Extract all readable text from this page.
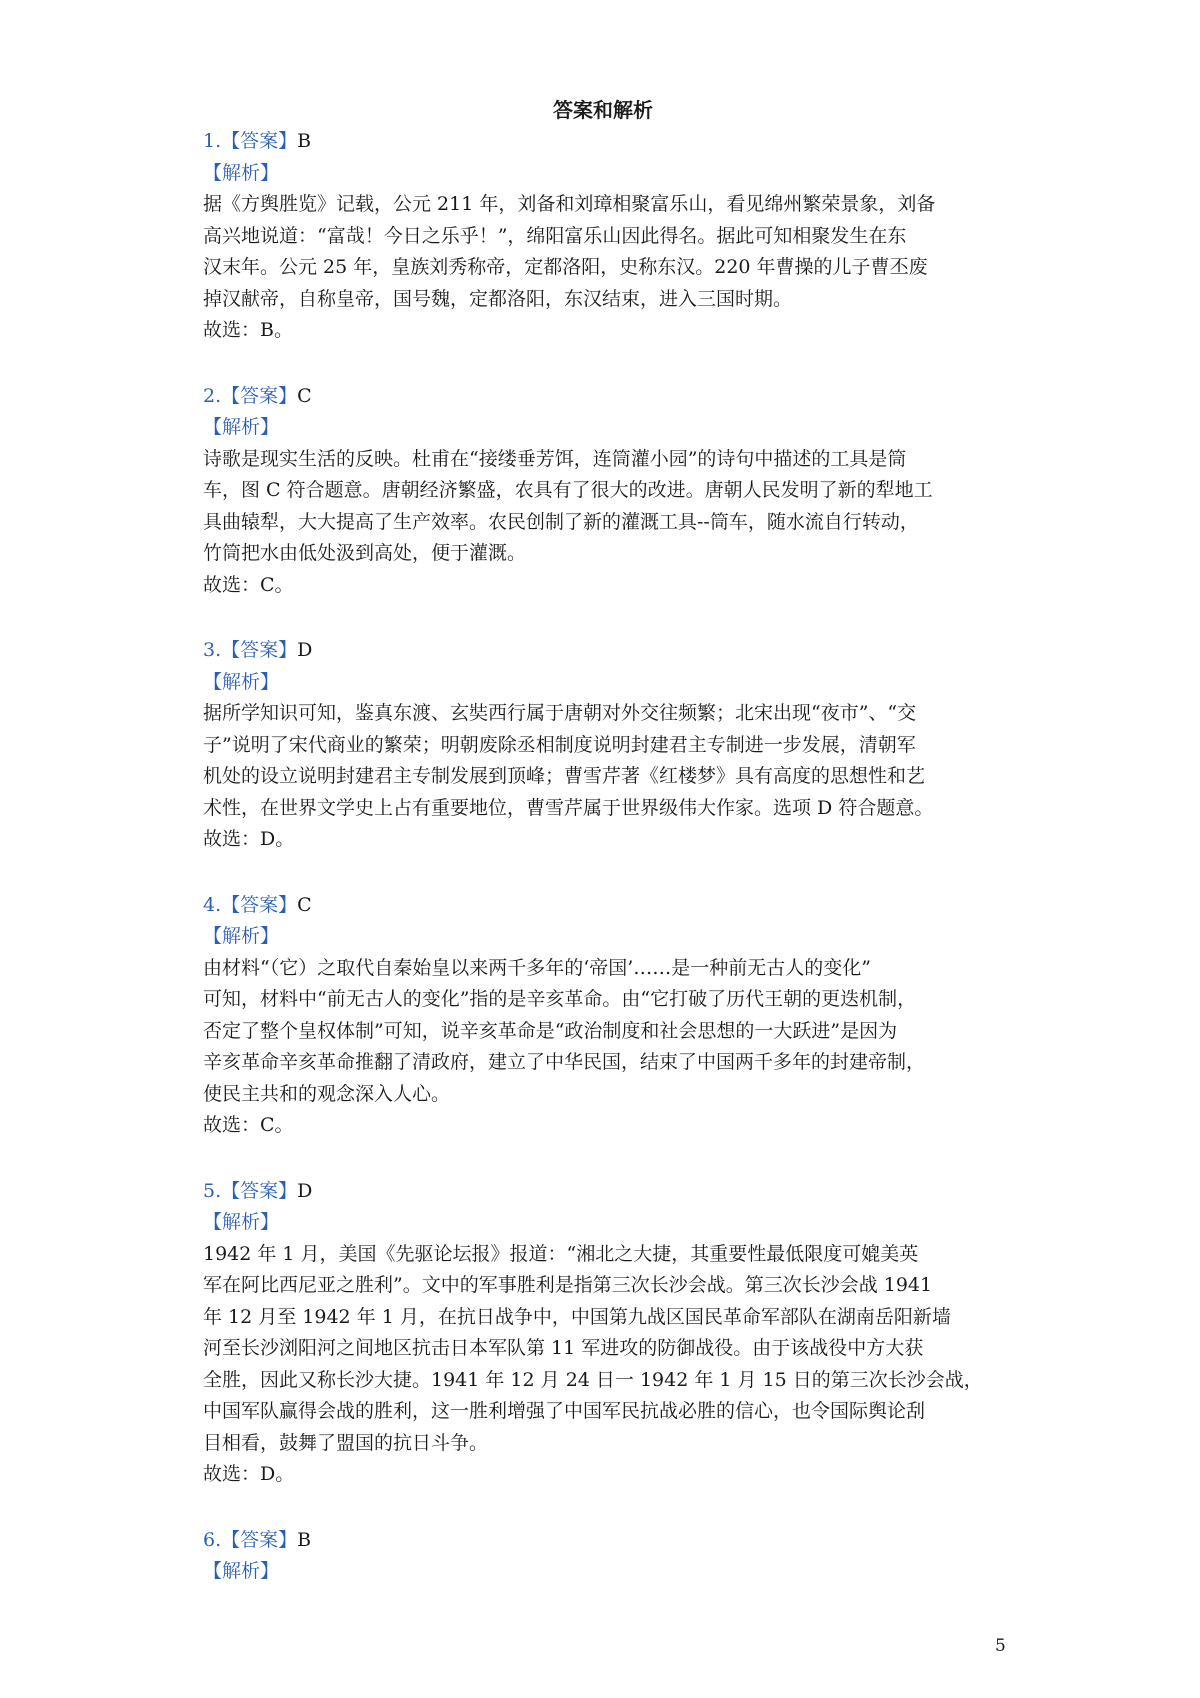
答案和解析
1.【答案】B
【解析】
据《方舆胜览》记载，公元 211 年，刘备和刘璋相聚富乐山，看见绵州繁荣景象，刘备
高兴地说道：“富哉！今日之乐乎！”，绵阳富乐山因此得名。据此可知相聚发生在东
汉末年。公元 25 年，皇族刘秀称帝，定都洛阳，史称东汉。220 年曹操的儿子曹丕废
掉汉献帝，自称皇帝，国号魏，定都洛阳，东汉结束，进入三国时期。
故选：B。
2.【答案】C
【解析】
诗歌是现实生活的反映。杜甫在“接缕垂芳饵，连筒灌小园”的诗句中描述的工具是筒
车，图 C 符合题意。唐朝经济繁盛，农具有了很大的改进。唐朝人民发明了新的犁地工
具曲辕犁，大大提高了生产效率。农民创制了新的灌溉工具--筒车，随水流自行转动，
竹筒把水由低处汲到高处，便于灌溉。
故选：C。
3.【答案】D
【解析】
据所学知识可知，鉴真东渡、玄奘西行属于唐朝对外交往频繁；北宋出现“夜市”、“交
子”说明了宋代商业的繁荣；明朝废除丞相制度说明封建君主专制进一步发展，清朝军
机处的设立说明封建君主专制发展到顶峰；曹雪芹著《红楼梦》具有高度的思想性和艺
术性，在世界文学史上占有重要地位，曹雪芹属于世界级伟大作家。选项 D 符合题意。
故选：D。
4.【答案】C
【解析】
由材料“（它）之取代自秦始皇以来两千多年的‘帝国’……是一种前无古人的变化”
可知，材料中“前无古人的变化”指的是辛亥革命。由“它打破了历代王朝的更迭机制，
否定了整个皇权体制”可知，说辛亥革命是“政治制度和社会思想的一大跃进”是因为
辛亥革命辛亥革命推翻了清政府，建立了中华民国，结束了中国两千多年的封建帝制，
使民主共和的观念深入人心。
故选：C。
5.【答案】D
【解析】
1942 年 1 月，美国《先驱论坛报》报道：“湘北之大捷，其重要性最低限度可媲美英
军在阿比西尼亚之胜利”。文中的军事胜利是指第三次长沙会战。第三次长沙会战 1941
年 12 月至 1942 年 1 月，在抗日战争中，中国第九战区国民革命军部队在湖南岳阳新墙
河至长沙浏阳河之间地区抗击日本军队第 11 军进攻的防御战役。由于该战役中方大获
全胜，因此又称长沙大捷。1941 年 12 月 24 日一 1942 年 1 月 15 日的第三次长沙会战，
中国军队赢得会战的胜利，这一胜利增强了中国军民抗战必胜的信心，也令国际舆论刮
目相看，鼓舞了盟国的抗日斗争。
故选：D。
6.【答案】B
【解析】
5
